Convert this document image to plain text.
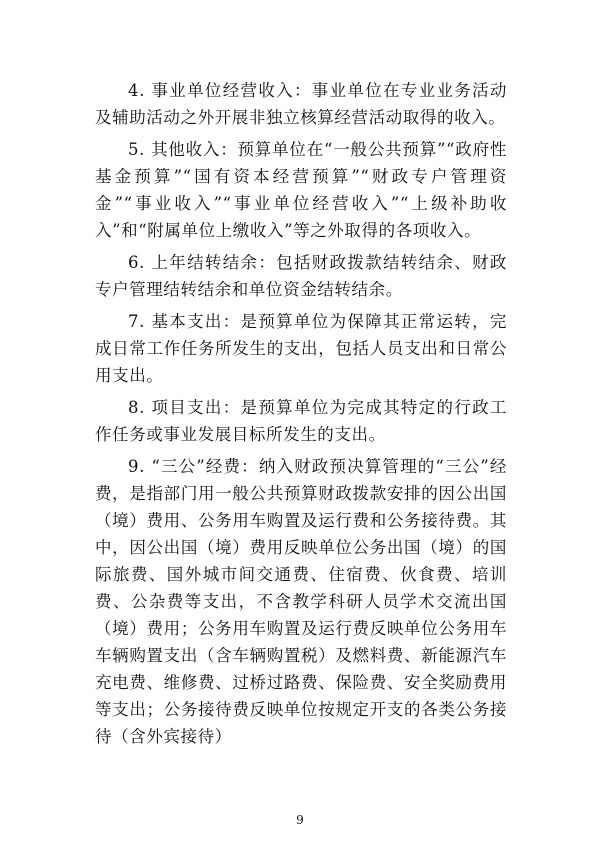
4. 事业单位经营收入：事业单位在专业业务活动及辅助活动之外开展非独立核算经营活动取得的收入。

5. 其他收入：预算单位在“一般公共预算”“政府性基金预算”“国有资本经营预算”“财政专户管理资金”“事业收入”“事业单位经营收入”“上级补助收入”和“附属单位上缴收入”等之外取得的各项收入。

6. 上年结转结余：包括财政拨款结转结余、财政专户管理结转结余和单位资金结转结余。

7. 基本支出：是预算单位为保障其正常运转，完成日常工作任务所发生的支出，包括人员支出和日常公用支出。

8. 项目支出：是预算单位为完成其特定的行政工作任务或事业发展目标所发生的支出。

9. “三公”经费：纳入财政预决算管理的“三公”经费，是指部门用一般公共预算财政拨款安排的因公出国（境）费用、公务用车购置及运行费和公务接待费。其中，因公出国（境）费用反映单位公务出国（境）的国际旅费、国外城市间交通费、住宿费、伙食费、培训费、公杂费等支出，不含教学科研人员学术交流出国（境）费用；公务用车购置及运行费反映单位公务用车车辆购置支出（含车辆购置税）及燃料费、新能源汽车充电费、维修费、过桥过路费、保险费、安全奖励费用等支出；公务接待费反映单位按规定开支的各类公务接待（含外宾接待）

9
